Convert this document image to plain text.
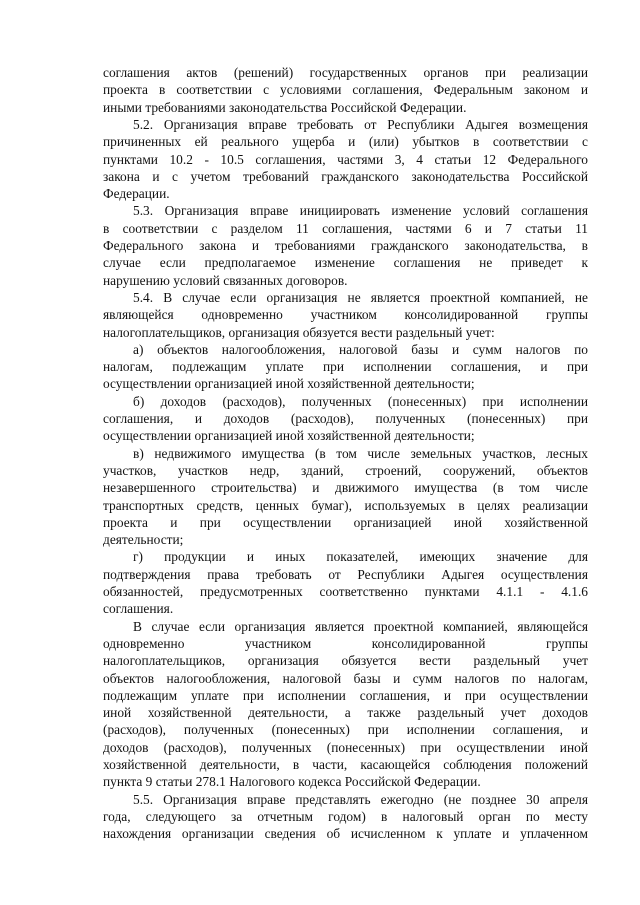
соглашения актов (решений) государственных органов при реализации
проекта в соответствии с условиями соглашения, Федеральным законом и
иными требованиями законодательства Российской Федерации.
5.2. Организация вправе требовать от Республики Адыгея возмещения
причиненных ей реального ущерба и (или) убытков в соответствии с
пунктами 10.2 - 10.5 соглашения, частями 3, 4 статьи 12 Федерального
закона и с учетом требований гражданского законодательства Российской
Федерации.
5.3. Организация вправе инициировать изменение условий соглашения
в соответствии с разделом 11 соглашения, частями 6 и 7 статьи 11
Федерального закона и требованиями гражданского законодательства, в
случае если предполагаемое изменение соглашения не приведет к
нарушению условий связанных договоров.
5.4. В случае если организация не является проектной компанией, не
являющейся одновременно участником консолидированной группы
налогоплательщиков, организация обязуется вести раздельный учет:
а) объектов налогообложения, налоговой базы и сумм налогов по
налогам, подлежащим уплате при исполнении соглашения, и при
осуществлении организацией иной хозяйственной деятельности;
б) доходов (расходов), полученных (понесенных) при исполнении
соглашения, и доходов (расходов), полученных (понесенных) при
осуществлении организацией иной хозяйственной деятельности;
в) недвижимого имущества (в том числе земельных участков, лесных
участков, участков недр, зданий, строений, сооружений, объектов
незавершенного строительства) и движимого имущества (в том числе
транспортных средств, ценных бумаг), используемых в целях реализации
проекта и при осуществлении организацией иной хозяйственной
деятельности;
г) продукции и иных показателей, имеющих значение для
подтверждения права требовать от Республики Адыгея осуществления
обязанностей, предусмотренных соответственно пунктами 4.1.1 - 4.1.6
соглашения.
В случае если организация является проектной компанией, являющейся
одновременно участником консолидированной группы
налогоплательщиков, организация обязуется вести раздельный учет
объектов налогообложения, налоговой базы и сумм налогов по налогам,
подлежащим уплате при исполнении соглашения, и при осуществлении
иной хозяйственной деятельности, а также раздельный учет доходов
(расходов), полученных (понесенных) при исполнении соглашения, и
доходов (расходов), полученных (понесенных) при осуществлении иной
хозяйственной деятельности, в части, касающейся соблюдения положений
пункта 9 статьи 278.1 Налогового кодекса Российской Федерации.
5.5. Организация вправе представлять ежегодно (не позднее 30 апреля
года, следующего за отчетным годом) в налоговый орган по месту
нахождения организации сведения об исчисленном к уплате и уплаченном
